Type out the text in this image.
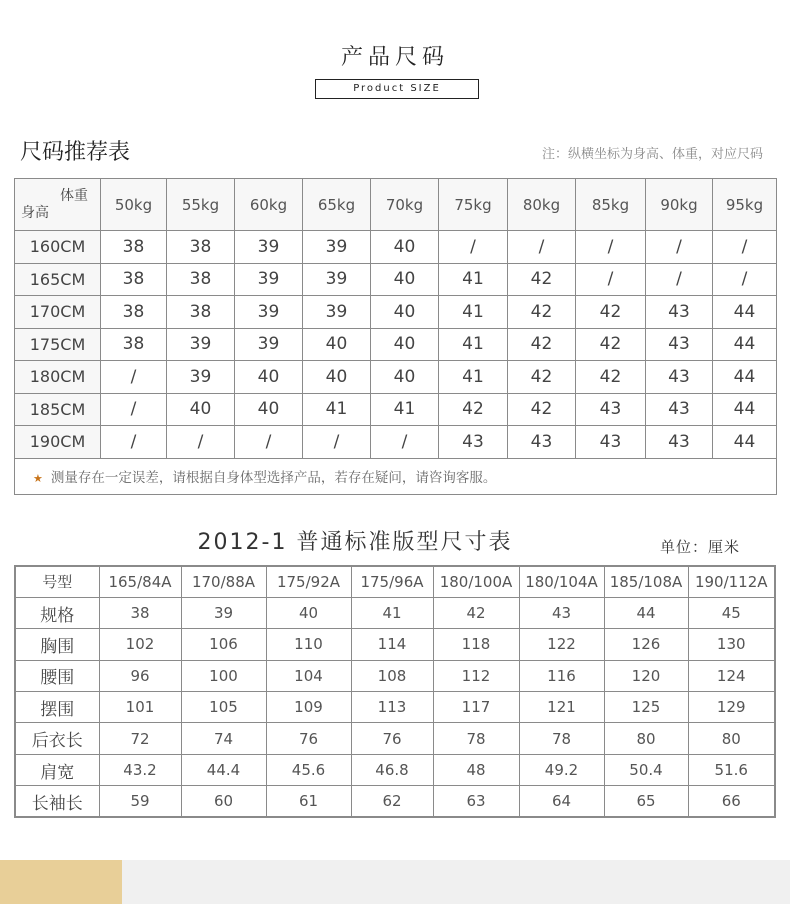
产品尺码
Product SIZE
尺码推荐表	注：纵横坐标为身高、体重，对应尺码
体重
身高	50kg	55kg	60kg	65kg	70kg	75kg	80kg	85kg	90kg	95kg
160CM	38	38	39	39	40	/	/	/	/	/
165CM	38	38	39	39	40	41	42	/	/	/
170CM	38	38	39	39	40	41	42	42	43	44
175CM	38	39	39	40	40	41	42	42	43	44
180CM	/	39	40	40	40	41	42	42	43	44
185CM	/	40	40	41	41	42	42	43	43	44
190CM	/	/	/	/	/	43	43	43	43	44
★ 测量存在一定误差，请根据自身体型选择产品，若存在疑问，请咨询客服。										
2012-1 普通标准版型尺寸表	单位：厘米
号型	165/84A	170/88A	175/92A	175/96A	180/100A	180/104A	185/108A	190/112A
规格	38	39	40	41	42	43	44	45
胸围	102	106	110	114	118	122	126	130
腰围	96	100	104	108	112	116	120	124
摆围	101	105	109	113	117	121	125	129
后衣长	72	74	76	76	78	78	80	80
肩宽	43.2	44.4	45.6	46.8	48	49.2	50.4	51.6
长袖长	59	60	61	62	63	64	65	66
